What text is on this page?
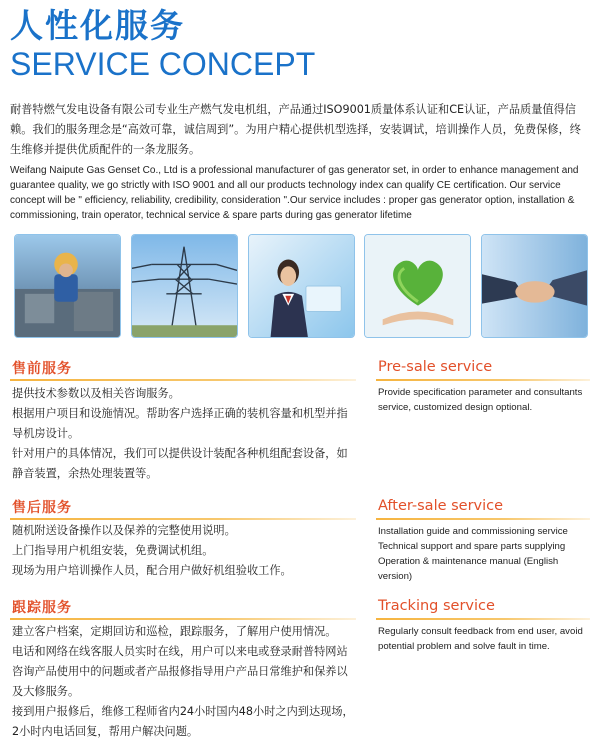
人性化服务
SERVICE CONCEPT
耐普特燃气发电设备有限公司专业生产燃气发电机组，产品通过ISO9001质量体系认证和CE认证，产品质量值得信赖。我们的服务理念是“高效可靠，诚信周到”。为用户精心提供机型选择，安装调试，培训操作人员，免费保修，终生维修并提供优质配件的一条龙服务。
Weifang Naipute Gas Genset Co., Ltd is a professional manufacturer of gas generator set, in order to enhance management and guarantee quality, we go strictly with ISO 9001 and all our products technology index can qualify CE certification. Our service concept will be " efficiency, reliability, credibility, consideration ".Our service includes : proper gas generator option, installation & commissioning, train operator, technical service & spare parts during gas generator lifetime
售前服务	Pre-sale service

提供技术参数以及相关咨询服务。

根据用户项目和设施情况。帮助客户选择正确的装机容量和机型并指导机房设计。

针对用户的具体情况，我们可以提供设计装配各种机组配套设备，如静音装置，余热处理装置等。

Provide specification parameter and consultants service, customized design optional.
售后服务	After-sale service

随机附送设备操作以及保养的完整使用说明。

上门指导用户机组安装，免费调试机组。

现场为用户培训操作人员，配合用户做好机组验收工作。

Installation guide and commissioning service

Technical support and spare parts supplying

Operation & maintenance manual (English version)

跟踪服务	Tracking service

建立客户档案，定期回访和巡检，跟踪服务，了解用户使用情况。

电话和网络在线客服人员实时在线，用户可以来电或登录耐普特网站咨询产品使用中的问题或者产品报修指导用户产品日常维护和保养以及大修服务。

接到用户报修后，维修工程师省内24小时国内48小时之内到达现场，2小时内电话回复，帮用户解决问题。

Regularly consult feedback from end user, avoid potential problem and solve fault in time.
